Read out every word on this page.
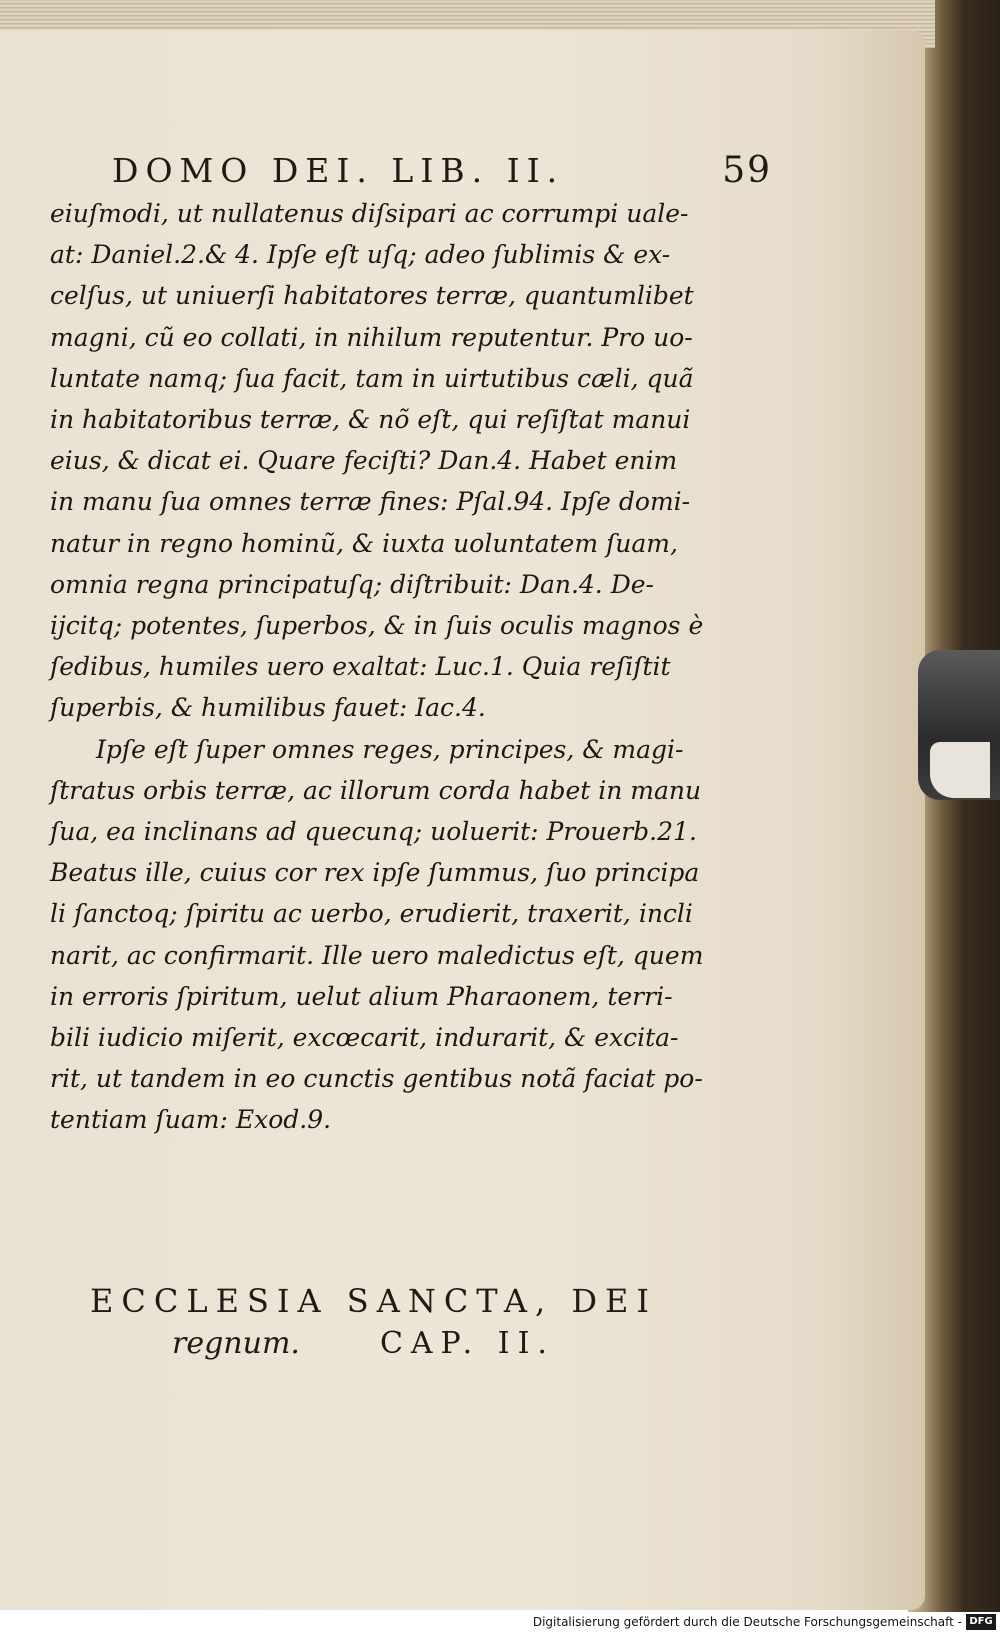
DOMO DEI. LIB. II.	59
eiuſmodi, ut nullatenus diſsipari ac corrumpi uale-
at: Daniel.2.& 4. Ipſe eſt uſq; adeo ſublimis & ex-
celſus, ut uniuerſi habitatores terræ, quantumlibet
magni, cũ eo collati, in nihilum reputentur. Pro uo-
luntate namq; ſua facit, tam in uirtutibus cæli, quã
in habitatoribus terræ, & nõ eſt, qui reſiſtat manui
eius, & dicat ei. Quare feciſti? Dan.4. Habet enim
in manu ſua omnes terræ fines: Pſal.94. Ipſe domi-
natur in regno hominũ, & iuxta uoluntatem ſuam,
omnia regna principatuſq; diſtribuit: Dan.4. De-
ijcitq; potentes, ſuperbos, & in ſuis oculis magnos è
ſedibus, humiles uero exaltat: Luc.1. Quia reſiſtit
ſuperbis, & humilibus fauet: Iac.4.
Ipſe eſt ſuper omnes reges, principes, & magi-
ſtratus orbis terræ, ac illorum corda habet in manu
ſua, ea inclinans ad quecunq; uoluerit: Prouerb.21.
Beatus ille, cuius cor rex ipſe ſummus, ſuo principa
li ſanctoq; ſpiritu ac uerbo, erudierit, traxerit, incli
narit, ac confirmarit. Ille uero maledictus eſt, quem
in erroris ſpiritum, uelut alium Pharaonem, terri-
bili iudicio miſerit, excœcarit, indurarit, & excita-
rit, ut tandem in eo cunctis gentibus notã faciat po-
tentiam ſuam: Exod.9.
ECCLESIA SANCTA, DEI
regnum.	CAP. II.
Digitalisierung gefördert durch die Deutsche Forschungsgemeinschaft - DFG
